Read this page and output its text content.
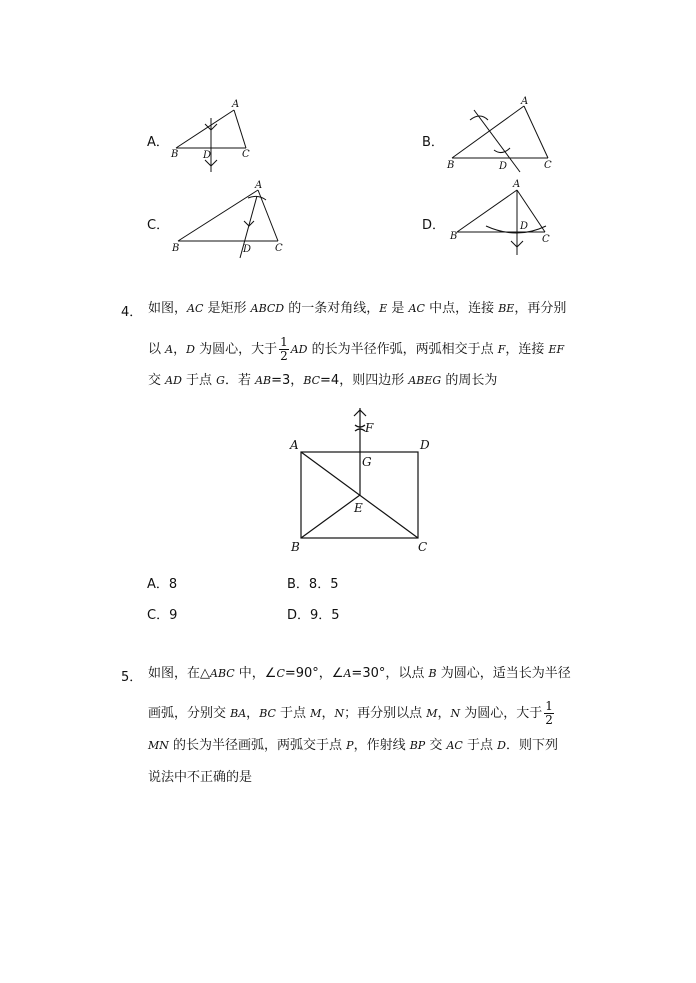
A．
A
B D	C
B．
A
B	D	C
C．
A
B	D C
D．
A
B
D
C
4． 如图，AC 是矩形 ABCD 的一条对角线，E 是 AC 中点，连接 BE，再分别
以 A，D 为圆心，大于 $\frac{1}{2}$ AD 的长为半径作弧，两弧相交于点 F，连接 EF
交 AD 于点 G．若 AB=3，BC=4，则四边形 ABEG 的周长为
A	D
F
G
E
B	C
A．8	B．8．5
C．9	D．9．5
5． 如图，在△ABC 中，∠C=90°，∠A=30°，以点 B 为圆心，适当长为半径
画弧，分别交 BA，BC 于点 M，N；再分别以点 M，N 为圆心，大于 $\frac{1}{2}$
MN 的长为半径画弧，两弧交于点 P，作射线 BP 交 AC 于点 D．则下列
说法中不正确的是
